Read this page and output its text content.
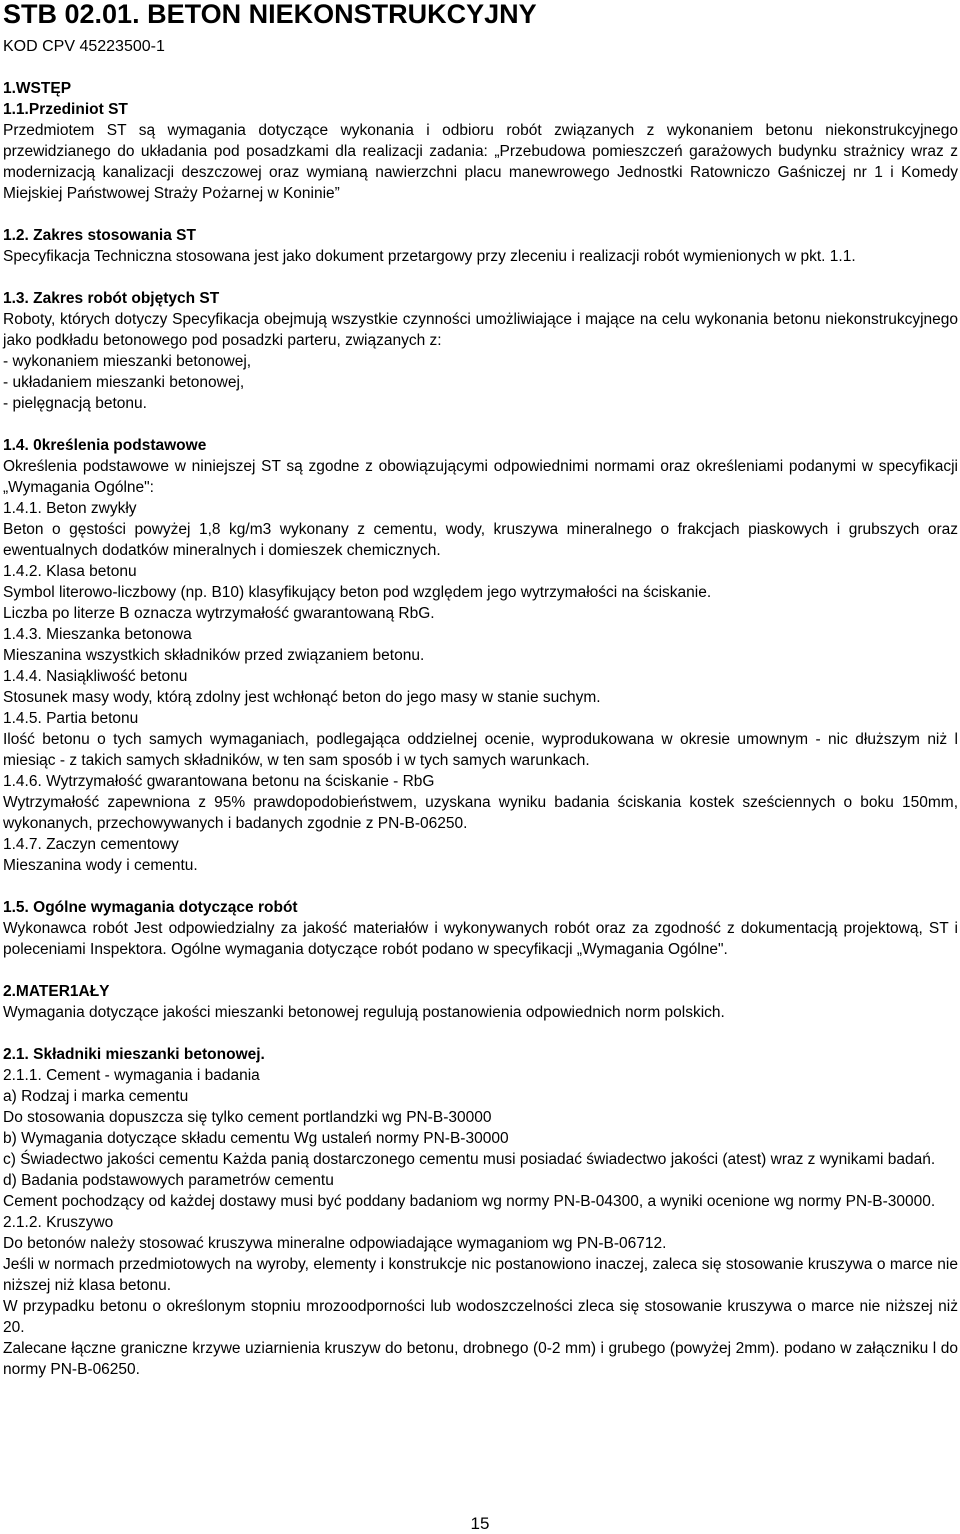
STB 02.01. BETON NIEKONSTRUKCYJNY
KOD CPV 45223500-1

1.WSTĘP

1.1.Przediniot ST

Przedmiotem ST są wymagania dotyczące wykonania i odbioru robót związanych z wykonaniem betonu niekonstrukcyjnego przewidzianego do układania pod posadzkami dla realizacji zadania: „Przebudowa pomieszczeń garażowych budynku strażnicy wraz z modernizacją kanalizacji deszczowej oraz wymianą nawierzchni placu manewrowego Jednostki Ratowniczo Gaśniczej nr 1 i Komedy Miejskiej Państwowej Straży Pożarnej w Koninie”

1.2. Zakres stosowania ST

Specyfikacja Techniczna stosowana jest jako dokument przetargowy przy zleceniu i realizacji robót wymienionych w pkt. 1.1.

1.3. Zakres robót objętych ST

Roboty, których dotyczy Specyfikacja obejmują wszystkie czynności umożliwiające i mające na celu wykonania betonu niekonstrukcyjnego jako podkładu betonowego pod posadzki parteru, związanych z:

- wykonaniem mieszanki betonowej,

- układaniem mieszanki betonowej,

- pielęgnacją betonu.

1.4. 0kreślenia podstawowe

Określenia podstawowe w niniejszej ST są zgodne z obowiązującymi odpowiednimi normami oraz określeniami podanymi w specyfikacji „Wymagania Ogólne":

1.4.1. Beton zwykły

Beton o gęstości powyżej 1,8 kg/m3 wykonany z cementu, wody, kruszywa mineralnego o frakcjach piaskowych i grubszych oraz ewentualnych dodatków mineralnych i domieszek chemicznych.

1.4.2. Klasa betonu

Symbol literowo-liczbowy (np. B10) klasyfikujący beton pod względem jego wytrzymałości na ściskanie.

Liczba po literze B oznacza wytrzymałość gwarantowaną RbG.

1.4.3. Mieszanka betonowa

Mieszanina wszystkich składników przed związaniem betonu.

1.4.4. Nasiąkliwość betonu

Stosunek masy wody, którą zdolny jest wchłonąć beton do jego masy w stanie suchym.

1.4.5. Partia betonu

Ilość betonu o tych samych wymaganiach, podlegająca oddzielnej ocenie, wyprodukowana w okresie umownym - nic dłuższym niż l miesiąc - z takich samych składników, w ten sam sposób i w tych samych warunkach.

1.4.6. Wytrzymałość gwarantowana betonu na ściskanie - RbG

Wytrzymałość zapewniona z 95% prawdopodobieństwem, uzyskana wyniku badania ściskania kostek sześciennych o boku 150mm, wykonanych, przechowywanych i badanych zgodnie z PN-B-06250.

1.4.7. Zaczyn cementowy

Mieszanina wody i cementu.

1.5. Ogólne wymagania dotyczące robót

Wykonawca robót Jest odpowiedzialny za jakość materiałów i wykonywanych robót oraz za zgodność z dokumentacją projektową, ST i poleceniami Inspektora. Ogólne wymagania dotyczące robót podano w specyfikacji „Wymagania Ogólne".

2.MATER1AŁY

Wymagania dotyczące jakości mieszanki betonowej regulują postanowienia odpowiednich norm polskich.

2.1. Składniki mieszanki betonowej.

2.1.1. Cement - wymagania i badania

a) Rodzaj i marka cementu

Do stosowania dopuszcza się tylko cement portlandzki wg PN-B-30000

b) Wymagania dotyczące składu cementu Wg ustaleń normy PN-B-30000

c) Świadectwo jakości cementu Każda panią dostarczonego cementu musi posiadać świadectwo jakości (atest) wraz z wynikami badań.

d) Badania podstawowych parametrów cementu

Cement pochodzący od każdej dostawy musi być poddany badaniom wg normy PN-B-04300, a wyniki ocenione wg normy PN-B-30000.

2.1.2. Kruszywo

Do betonów należy stosować kruszywa mineralne odpowiadające wymaganiom wg PN-B-06712.

Jeśli w normach przedmiotowych na wyroby, elementy i konstrukcje nic postanowiono inaczej, zaleca się stosowanie kruszywa o marce nie niższej niż klasa betonu.

W przypadku betonu o określonym stopniu mrozoodporności lub wodoszczelności zleca się stosowanie kruszywa o marce nie niższej niż 20.

Zalecane łączne graniczne krzywe uziarnienia kruszyw do betonu, drobnego (0-2 mm) i grubego (powyżej 2mm). podano w załączniku l do normy PN-B-06250.

15
